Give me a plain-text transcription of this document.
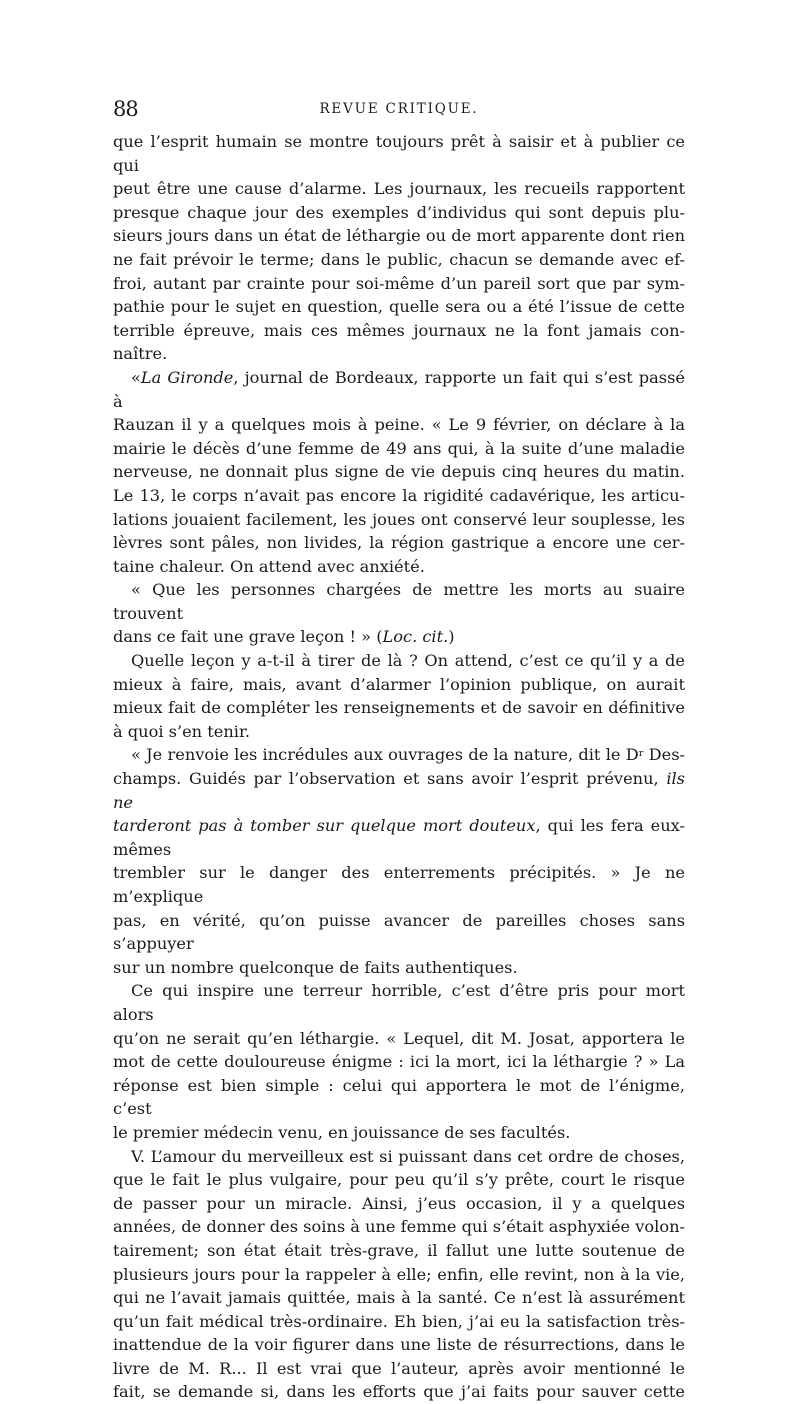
88	REVUE CRITIQUE.

que l’esprit humain se montre toujours prêt à saisir et à publier ce qui

peut être une cause d’alarme. Les journaux, les recueils rapportent

presque chaque jour des exemples d’individus qui sont depuis plu-

sieurs jours dans un état de léthargie ou de mort apparente dont rien

ne fait prévoir le terme; dans le public, chacun se demande avec ef-

froi, autant par crainte pour soi-même d’un pareil sort que par sym-

pathie pour le sujet en question, quelle sera ou a été l’issue de cette

terrible épreuve, mais ces mêmes journaux ne la font jamais con-

naître.

«La Gironde, journal de Bordeaux, rapporte un fait qui s’est passé à

Rauzan il y a quelques mois à peine. « Le 9 février, on déclare à la

mairie le décès d’une femme de 49 ans qui, à la suite d’une maladie

nerveuse, ne donnait plus signe de vie depuis cinq heures du matin.

Le 13, le corps n’avait pas encore la rigidité cadavérique, les articu-

lations jouaient facilement, les joues ont conservé leur souplesse, les

lèvres sont pâles, non livides, la région gastrique a encore une cer-

taine chaleur. On attend avec anxiété.

« Que les personnes chargées de mettre les morts au suaire trouvent

dans ce fait une grave leçon ! » (Loc. cit.)

Quelle leçon y a-t-il à tirer de là ? On attend, c’est ce qu’il y a de

mieux à faire, mais, avant d’alarmer l’opinion publique, on aurait

mieux fait de compléter les renseignements et de savoir en définitive

à quoi s’en tenir.

« Je renvoie les incrédules aux ouvrages de la nature, dit le $D^r$ Des-

champs. Guidés par l’observation et sans avoir l’esprit prévenu, ils ne

tarderont pas à tomber sur quelque mort douteux, qui les fera eux-mêmes

trembler sur le danger des enterrements précipités. » Je ne m’explique

pas, en vérité, qu’on puisse avancer de pareilles choses sans s’appuyer

sur un nombre quelconque de faits authentiques.

Ce qui inspire une terreur horrible, c’est d’être pris pour mort alors

qu’on ne serait qu’en léthargie. « Lequel, dit M. Josat, apportera le

mot de cette douloureuse énigme : ici la mort, ici la léthargie ? » La

réponse est bien simple : celui qui apportera le mot de l’énigme, c’est

le premier médecin venu, en jouissance de ses facultés.

V. L’amour du merveilleux est si puissant dans cet ordre de choses,

que le fait le plus vulgaire, pour peu qu’il s’y prête, court le risque

de passer pour un miracle. Ainsi, j’eus occasion, il y a quelques

années, de donner des soins à une femme qui s’était asphyxiée volon-

tairement; son état était très-grave, il fallut une lutte soutenue de

plusieurs jours pour la rappeler à elle; enfin, elle revint, non à la vie,

qui ne l’avait jamais quittée, mais à la santé. Ce n’est là assurément

qu’un fait médical très-ordinaire. Eh bien, j’ai eu la satisfaction très-

inattendue de la voir figurer dans une liste de résurrections, dans le

livre de M. R... Il est vrai que l’auteur, après avoir mentionné le

fait, se demande si, dans les efforts que j’ai faits pour sauver cette
